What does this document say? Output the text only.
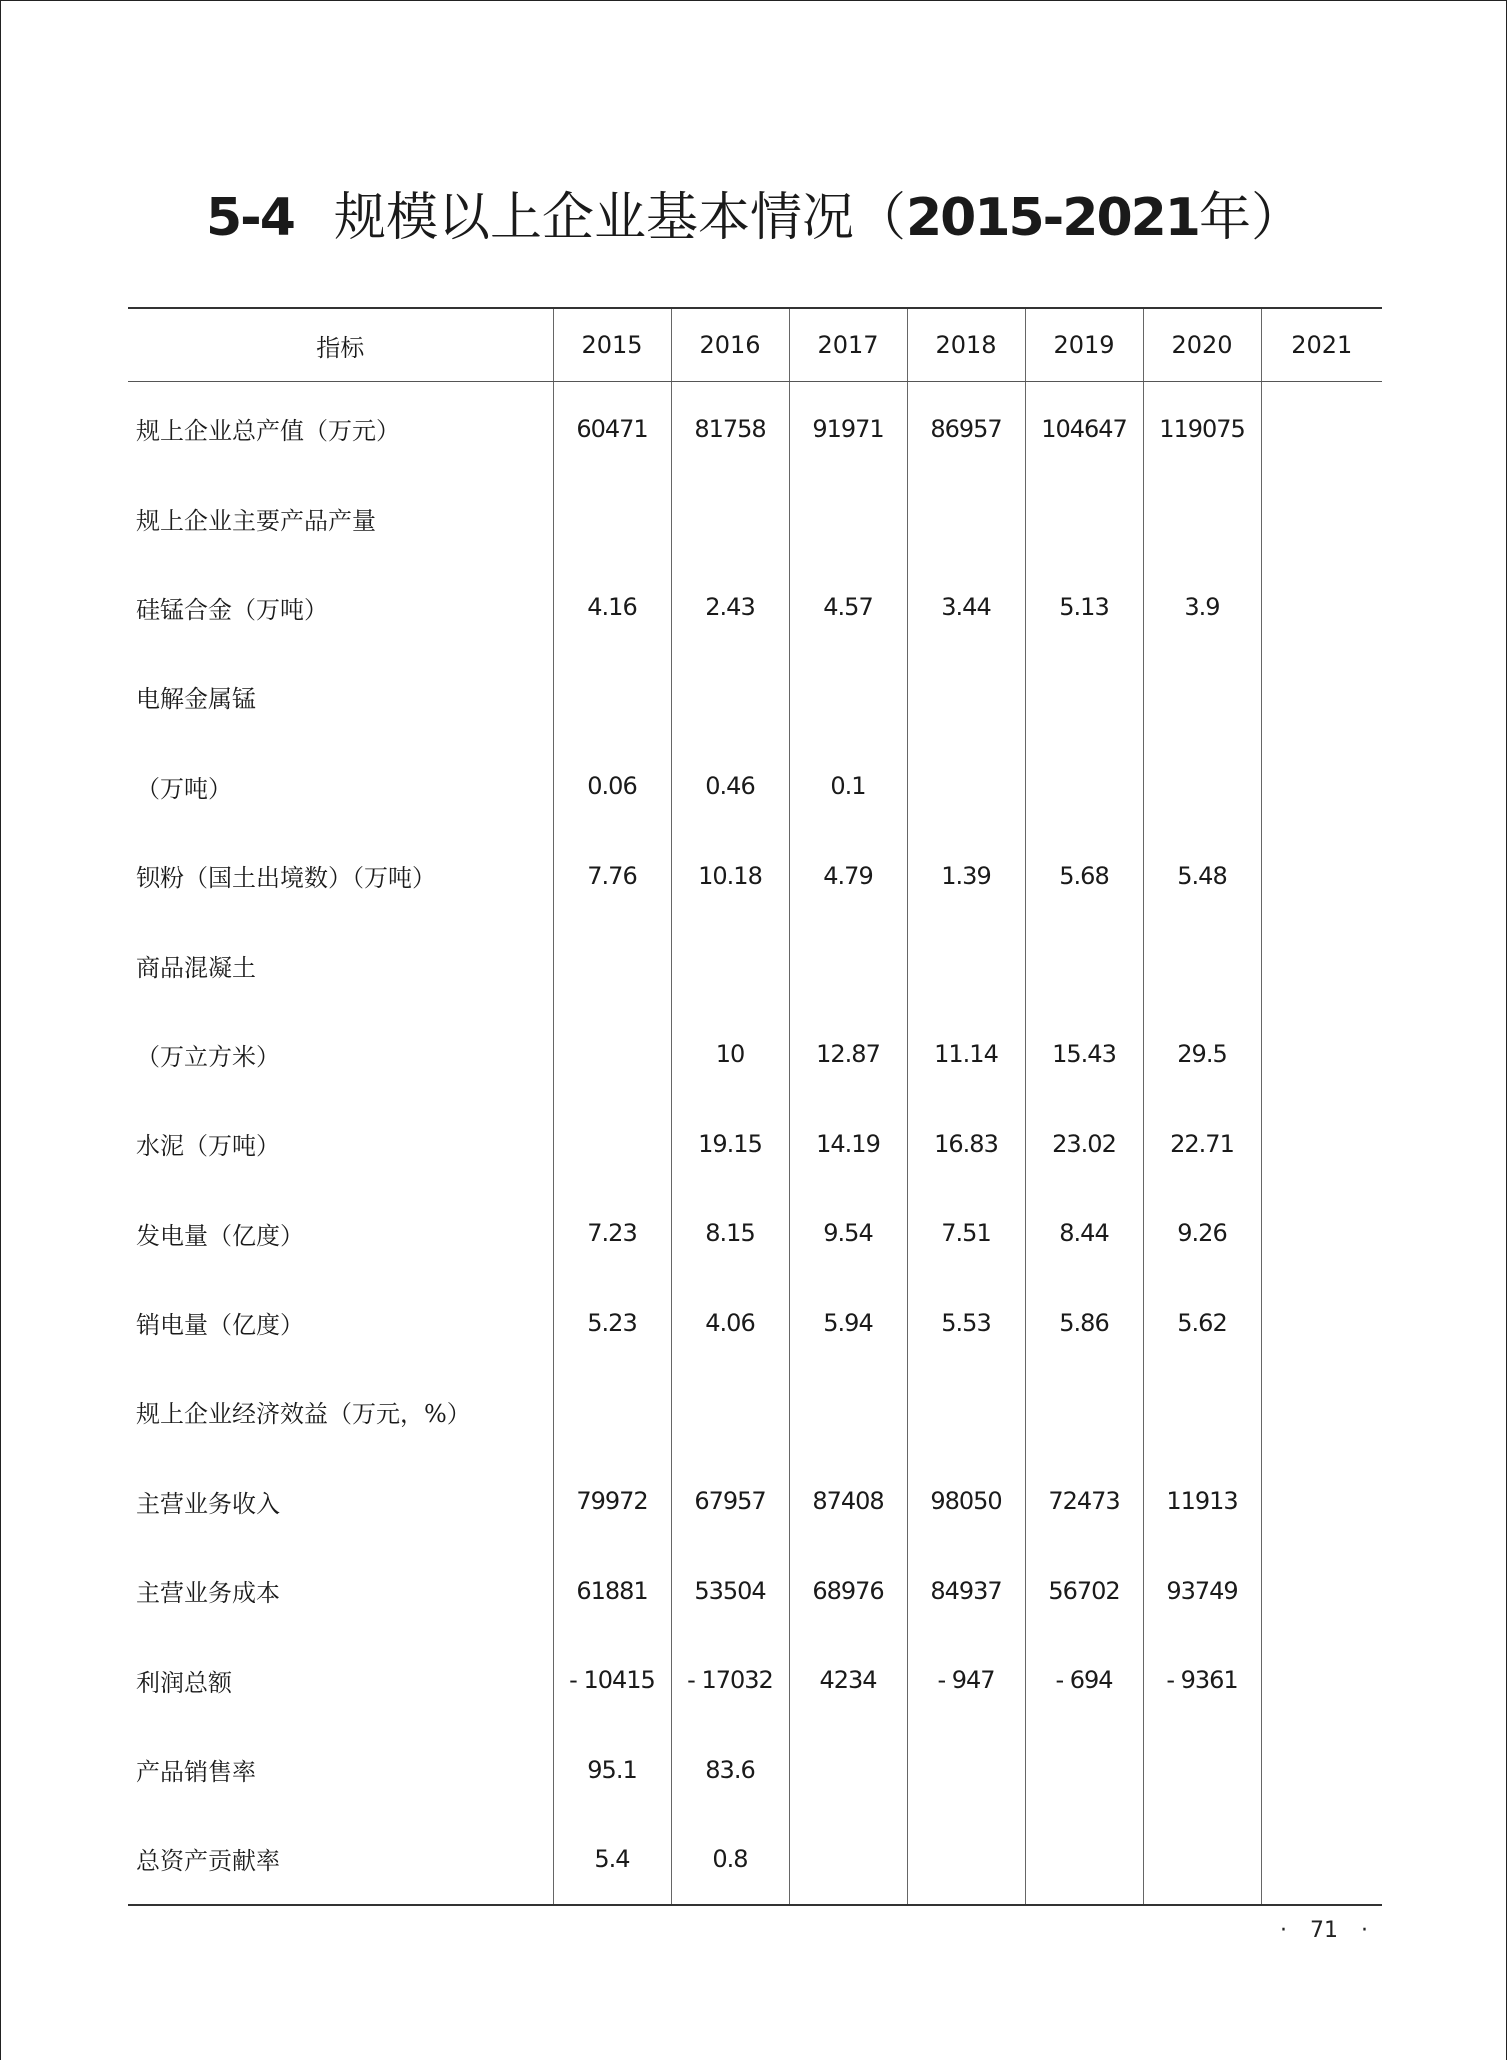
5-4 规模以上企业基本情况（2015-2021年）
指标	2015	2016	2017	2018	2019	2020	2021
规上企业总产值（万元）	60471	81758	91971	86957	104647	119075	
规上企业主要产品产量							
硅锰合金（万吨）	4.16	2.43	4.57	3.44	5.13	3.9	
电解金属锰							
（万吨）	0.06	0.46	0.1				
钡粉（国土出境数）（万吨）	7.76	10.18	4.79	1.39	5.68	5.48	
商品混凝土							
（万立方米）		10	12.87	11.14	15.43	29.5	
水泥（万吨）		19.15	14.19	16.83	23.02	22.71	
发电量（亿度）	7.23	8.15	9.54	7.51	8.44	9.26	
销电量（亿度）	5.23	4.06	5.94	5.53	5.86	5.62	
规上企业经济效益（万元，%）							
主营业务收入	79972	67957	87408	98050	72473	11913	
主营业务成本	61881	53504	68976	84937	56702	93749	
利润总额	- 10415	- 17032	4234	- 947	- 694	- 9361	
产品销售率	95.1	83.6					
总资产贡献率	5.4	0.8					
· 71 ·
